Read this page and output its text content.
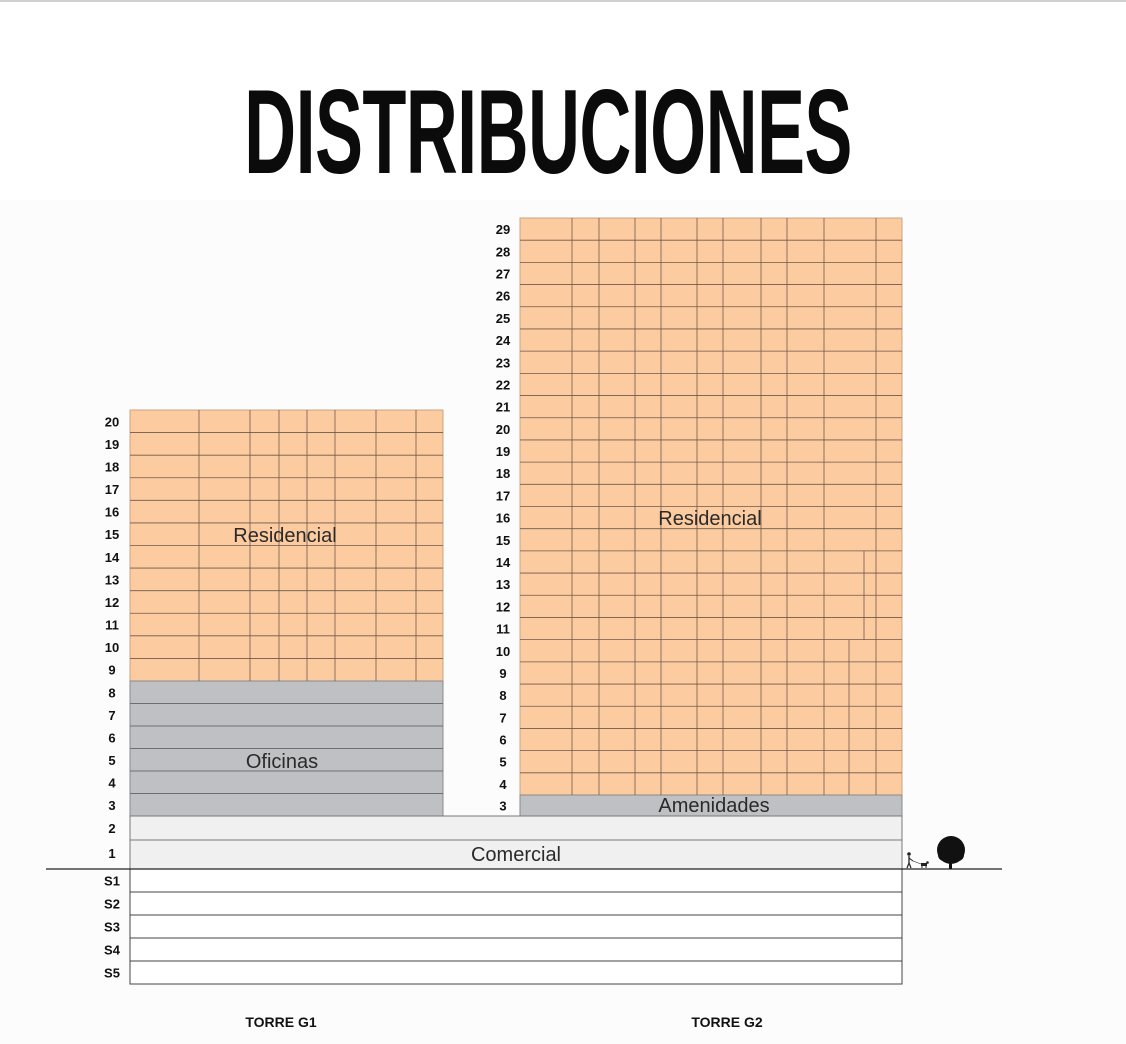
DISTRIBUCIONES
3
4
5
6
7
8
9
10
11
12
13
14
15
16
17
18
19
20
3
4
5
6
7
8
9
10
11
12
13
14
15
16
17
18
19
20
21
22
23
24
25
26
27
28
29
2
1
S1
S2
S3
S4
S5
Residencial
Oficinas
Residencial
Amenidades
Comercial
TORRE G1	TORRE G2
